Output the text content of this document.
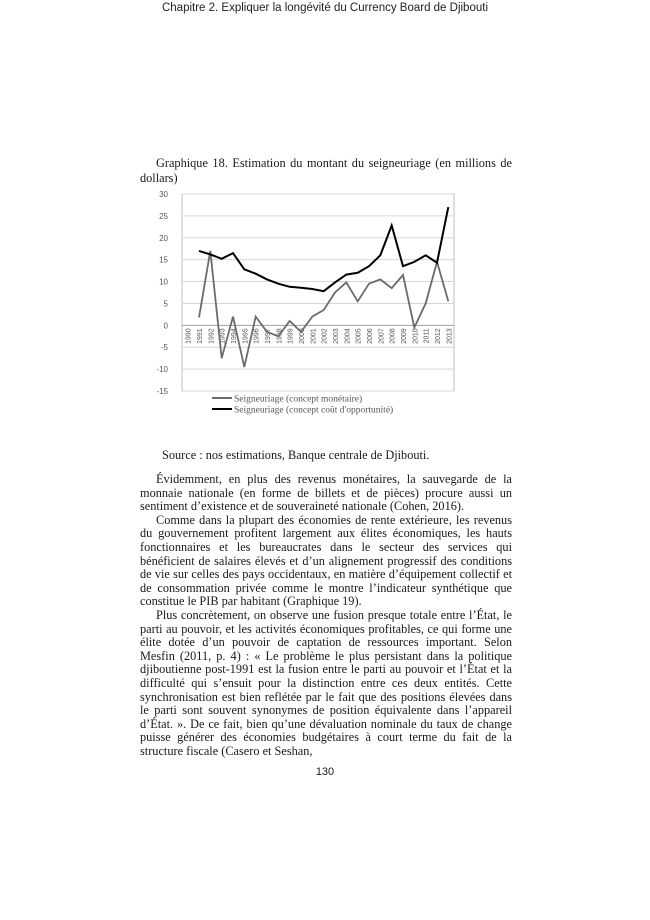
Chapitre 2. Expliquer la longévité du Currency Board de Djibouti
Graphique 18. Estimation du montant du seigneuriage (en millions de dollars)
30
25
20
15
10
5
0
-5
-10
-15
1990 1991 1992 1993 1994 1995 1996 1997 1998 1999 2000 2001 2002 2003 2004 2005 2006 2007 2008 2009 2010 2011 2012 2013
Seigneuriage (concept monétaire)
Seigneuriage (concept coût d'opportunité)
Source : nos estimations, Banque centrale de Djibouti.

Évidemment, en plus des revenus monétaires, la sauvegarde de la monnaie nationale (en forme de billets et de pièces) procure aussi un sentiment d’existence et de souveraineté nationale (Cohen, 2016).

Comme dans la plupart des économies de rente extérieure, les revenus du gouvernement profitent largement aux élites économiques, les hauts fonctionnaires et les bureaucrates dans le secteur des services qui bénéficient de salaires élevés et d’un alignement progressif des conditions de vie sur celles des pays occidentaux, en matière d’équipement collectif et de consommation privée comme le montre l’indicateur synthétique que constitue le PIB par habitant (Graphique 19).

Plus concrètement, on observe une fusion presque totale entre l’État, le parti au pouvoir, et les activités économiques profitables, ce qui forme une élite dotée d’un pouvoir de captation de ressources important. Selon Mesfin (2011, p. 4) : « Le problème le plus persistant dans la politique djiboutienne post-1991 est la fusion entre le parti au pouvoir et l’État et la difficulté qui s’ensuit pour la distinction entre ces deux entités. Cette synchronisation est bien reflétée par le fait que des positions élevées dans le parti sont souvent synonymes de position équivalente dans l’appareil d’État. ». De ce fait, bien qu’une dévaluation nominale du taux de change puisse générer des économies budgétaires à court terme du fait de la structure fiscale (Casero et Seshan,

130
